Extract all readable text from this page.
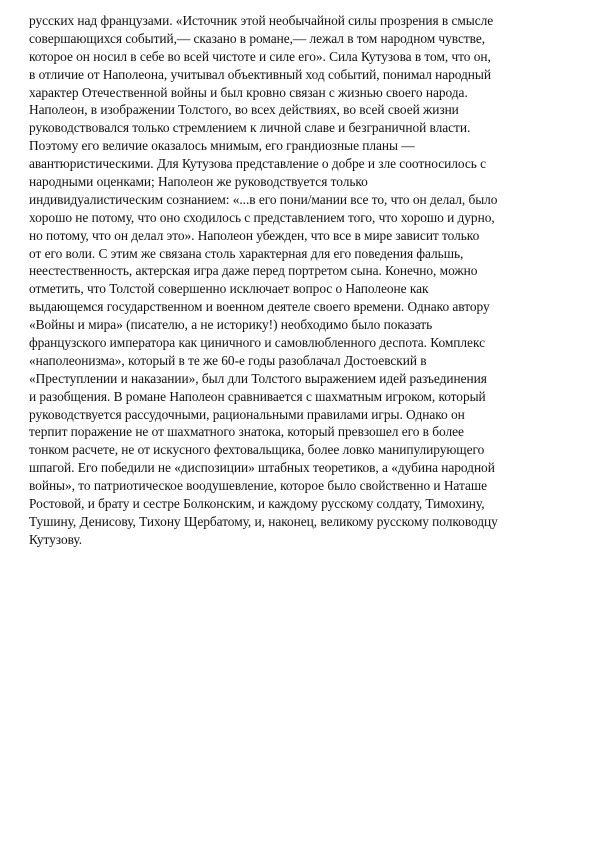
русских над французами. «Источник этой необычайной силы прозрения в смысле
совершающихся событий,— сказано в романе,— лежал в том народном чувстве,
которое он носил в себе во всей чистоте и силе его». Сила Кутузова в том, что он,
в отличие от Наполеона, учитывал объективный ход событий, понимал народный
характер Отечественной войны и был кровно связан с жизнью своего народа.
Наполеон, в изображении Толстого, во всех действиях, во всей своей жизни
руководствовался только стремлением к личной славе и безграничной власти.
Поэтому его величие оказалось мнимым, его грандиозные планы —
авантюристическими. Для Кутузова представление о добре и зле соотносилось с
народными оценками; Наполеон же руководствуется только
индивидуалистическим сознанием: «...в его пони/мании все то, что он делал, было
хорошо не потому, что оно сходилось с представлением того, что хорошо и дурно,
но потому, что он делал это». Наполеон убежден, что все в мире зависит только
от его воли. С этим же связана столь характерная для его поведения фальшь,
неестественность, актерская игра даже перед портретом сына. Конечно, можно
отметить, что Толстой совершенно исключает вопрос о Наполеоне как
выдающемся государственном и военном деятеле своего времени. Однако автору
«Войны и мира» (писателю, а не историку!) необходимо было показать
французского императора как циничного и самовлюбленного деспота. Комплекс
«наполеонизма», который в те же 60-е годы разоблачал Достоевский в
«Преступлении и наказании», был дли Толстого выражением идей разъединения
и разобщения. В романе Наполеон сравнивается с шахматным игроком, который
руководствуется рассудочными, рациональными правилами игры. Однако он
терпит поражение не от шахматного знатока, который превзошел его в более
тонком расчете, не от искусного фехтовальщика, более ловко манипулирующего
шпагой. Его победили не «диспозиции» штабных теоретиков, а «дубина народной
войны», то патриотическое воодушевление, которое было свойственно и Наташе
Ростовой, и брату и сестре Болконским, и каждому русскому солдату, Тимохину,
Тушину, Денисову, Тихону Щербатому, и, наконец, великому русскому полководцу
Кутузову.
